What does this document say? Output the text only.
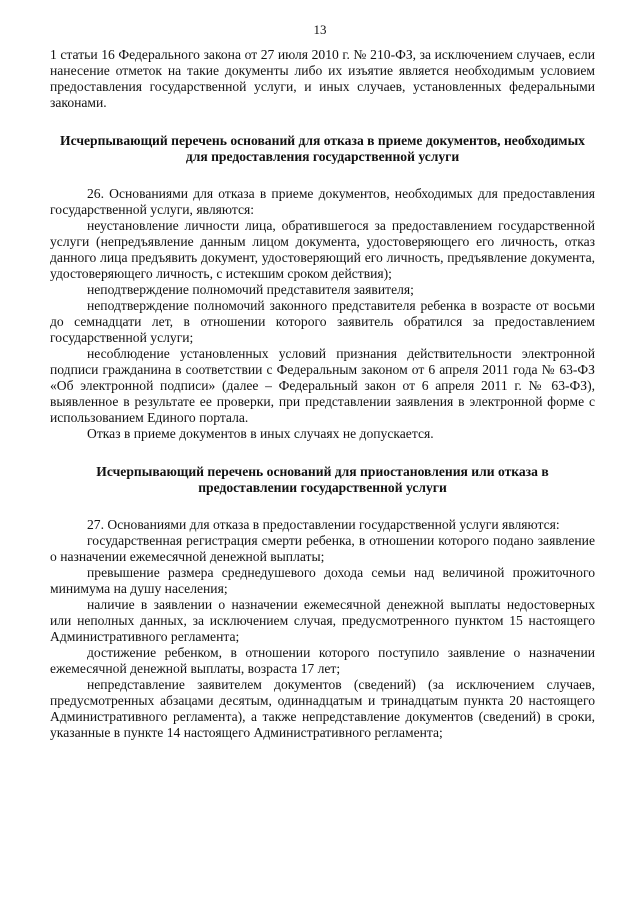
13

1 статьи 16 Федерального закона от 27 июля 2010 г. № 210-ФЗ, за исключением случаев, если нанесение отметок на такие документы либо их изъятие является необходимым условием предоставления государственной услуги, и иных случаев, установленных федеральными законами.

Исчерпывающий перечень оснований для отказа в приеме документов, необходимых для предоставления государственной услуги

26. Основаниями для отказа в приеме документов, необходимых для предоставления государственной услуги, являются:

неустановление личности лица, обратившегося за предоставлением государственной услуги (непредъявление данным лицом документа, удостоверяющего его личность, отказ данного лица предъявить документ, удостоверяющий его личность, предъявление документа, удостоверяющего личность, с истекшим сроком действия);

неподтверждение полномочий представителя заявителя;

неподтверждение полномочий законного представителя ребенка в возрасте от восьми до семнадцати лет, в отношении которого заявитель обратился за предоставлением государственной услуги;

несоблюдение установленных условий признания действительности электронной подписи гражданина в соответствии с Федеральным законом от 6 апреля 2011 года № 63-ФЗ «Об электронной подписи» (далее – Федеральный закон от 6 апреля 2011 г. № 63-ФЗ), выявленное в результате ее проверки, при представлении заявления в электронной форме с использованием Единого портала.

Отказ в приеме документов в иных случаях не допускается.

Исчерпывающий перечень оснований для приостановления или отказа в предоставлении государственной услуги

27. Основаниями для отказа в предоставлении государственной услуги являются:

государственная регистрация смерти ребенка, в отношении которого подано заявление о назначении ежемесячной денежной выплаты;

превышение размера среднедушевого дохода семьи над величиной прожиточного минимума на душу населения;

наличие в заявлении о назначении ежемесячной денежной выплаты недостоверных или неполных данных, за исключением случая, предусмотренного пунктом 15 настоящего Административного регламента;

достижение ребенком, в отношении которого поступило заявление о назначении ежемесячной денежной выплаты, возраста 17 лет;

непредставление заявителем документов (сведений) (за исключением случаев, предусмотренных абзацами десятым, одиннадцатым и тринадцатым пункта 20 настоящего Административного регламента), а также непредставление документов (сведений) в сроки, указанные в пункте 14 настоящего Административного регламента;
